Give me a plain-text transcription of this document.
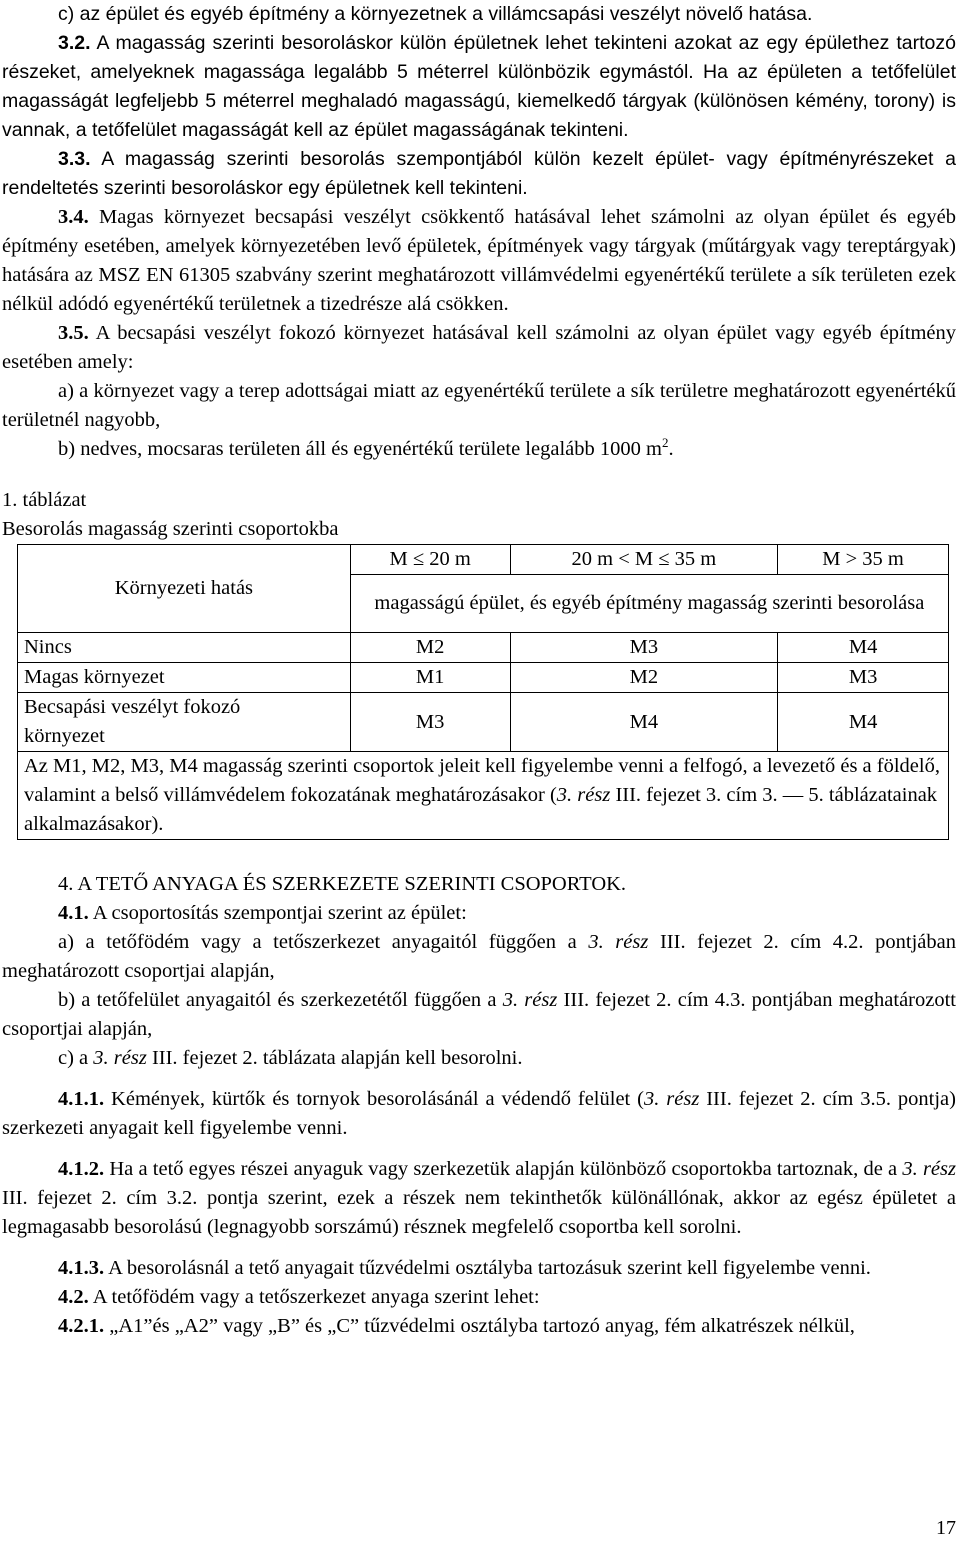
c) az épület és egyéb építmény a környezetnek a villámcsapási veszélyt növelő hatása.

3.2. A magasság szerinti besoroláskor külön épületnek lehet tekinteni azokat az egy épülethez tartozó részeket, amelyeknek magassága legalább 5 méterrel különbözik egymástól. Ha az épületen a tetőfelület magasságát legfeljebb 5 méterrel meghaladó magasságú, kiemelkedő tárgyak (különösen kémény, torony) is vannak, a tetőfelület magasságát kell az épület magasságának tekinteni.

3.3. A magasság szerinti besorolás szempontjából külön kezelt épület- vagy építményrészeket a rendeltetés szerinti besoroláskor egy épületnek kell tekinteni.

3.4. Magas környezet becsapási veszélyt csökkentő hatásával lehet számolni az olyan épület és egyéb építmény esetében, amelyek környezetében levő épületek, építmények vagy tárgyak (műtárgyak vagy tereptárgyak) hatására az MSZ EN 61305 szabvány szerint meghatározott villámvédelmi egyenértékű területe a sík területen ezek nélkül adódó egyenértékű területnek a tizedrésze alá csökken.

3.5. A becsapási veszélyt fokozó környezet hatásával kell számolni az olyan épület vagy egyéb építmény esetében amely:

a) a környezet vagy a terep adottságai miatt az egyenértékű területe a sík területre meghatározott egyenértékű területnél nagyobb,

b) nedves, mocsaras területen áll és egyenértékű területe legalább 1000 $m^2$.

1. táblázat

Besorolás magasság szerinti csoportokba

Környezeti hatás	M ≤ 20 m	20 m < M ≤ 35 m	M > 35 m
	magasságú épület, és egyéb építmény magasság szerinti besorolása		
Nincs	M2	M3	M4
Magas környezet	M1	M2	M3
Becsapási veszélyt fokozó környezet	M3	M4	M4
Az M1, M2, M3, M4 magasság szerinti csoportok jeleit kell figyelembe venni a felfogó, a levezető és a földelő, valamint a belső villámvédelem fokozatának meghatározásakor (3. rész III. fejezet 3. cím 3. — 5. táblázatainak alkalmazásakor).			

4. A TETŐ ANYAGA ÉS SZERKEZETE SZERINTI CSOPORTOK.

4.1. A csoportosítás szempontjai szerint az épület:

a) a tetőfödém vagy a tetőszerkezet anyagaitól függően a 3. rész III. fejezet 2. cím 4.2. pontjában meghatározott csoportjai alapján,

b) a tetőfelület anyagaitól és szerkezetétől függően a 3. rész III. fejezet 2. cím 4.3. pontjában meghatározott csoportjai alapján,

c) a 3. rész III. fejezet 2. táblázata alapján kell besorolni.

4.1.1. Kémények, kürtők és tornyok besorolásánál a védendő felület (3. rész III. fejezet 2. cím 3.5. pontja) szerkezeti anyagait kell figyelembe venni.

4.1.2. Ha a tető egyes részei anyaguk vagy szerkezetük alapján különböző csoportokba tartoznak, de a 3. rész III. fejezet 2. cím 3.2. pontja szerint, ezek a részek nem tekinthetők különállónak, akkor az egész épületet a legmagasabb besorolású (legnagyobb sorszámú) résznek megfelelő csoportba kell sorolni.

4.1.3. A besorolásnál a tető anyagait tűzvédelmi osztályba tartozásuk szerint kell figyelembe venni.

4.2. A tetőfödém vagy a tetőszerkezet anyaga szerint lehet:

4.2.1. „A1”és „A2” vagy „B” és „C” tűzvédelmi osztályba tartozó anyag, fém alkatrészek nélkül,

17
